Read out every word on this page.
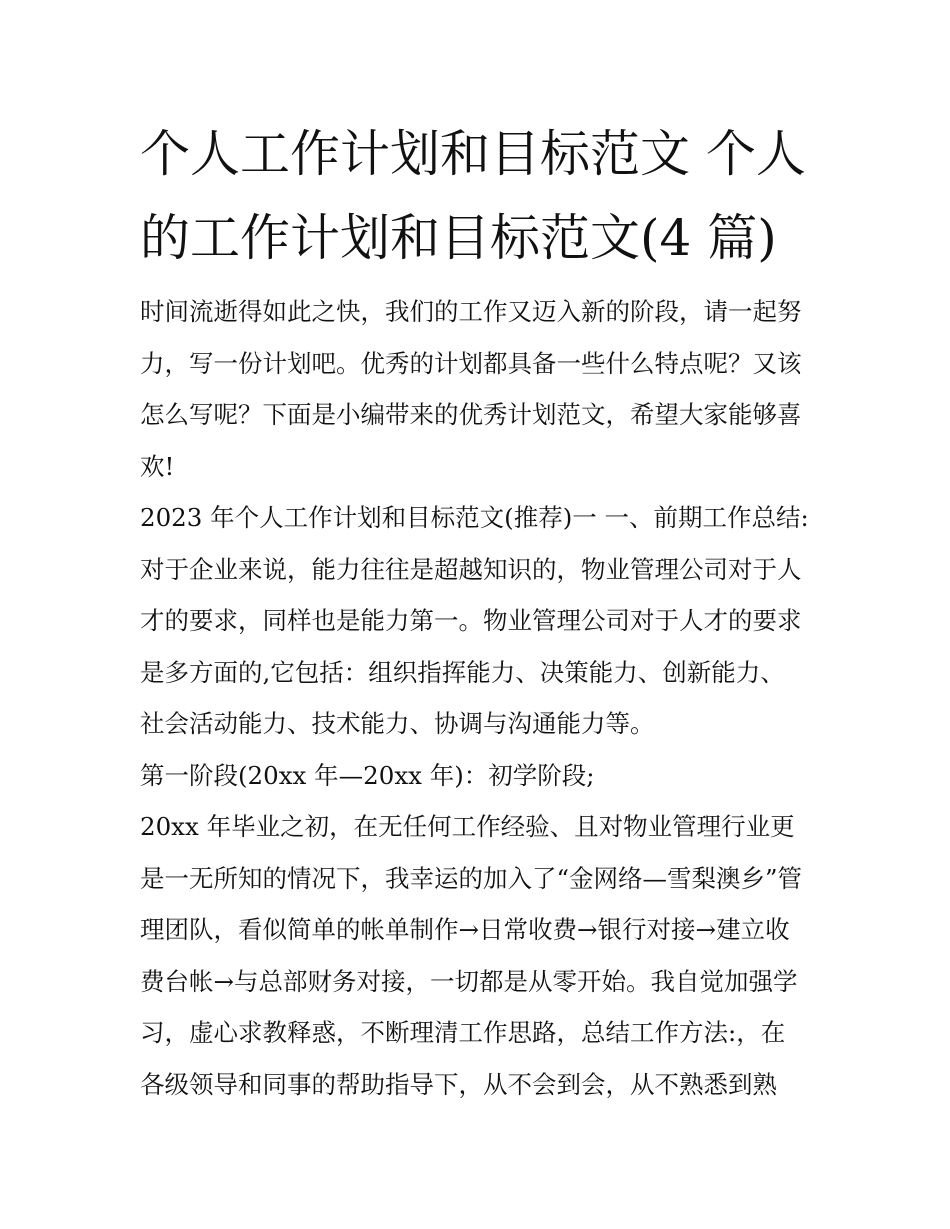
个人工作计划和目标范文 个人
的工作计划和目标范文(4 篇)
时间流逝得如此之快，我们的工作又迈入新的阶段，请一起努
力，写一份计划吧。优秀的计划都具备一些什么特点呢？又该
怎么写呢？下面是小编带来的优秀计划范文，希望大家能够喜
欢!
2023 年个人工作计划和目标范文(推荐)一 一、前期工作总结:
对于企业来说，能力往往是超越知识的，物业管理公司对于人
才的要求，同样也是能力第一。物业管理公司对于人才的要求
是多方面的,它包括：组织指挥能力、决策能力、创新能力、
社会活动能力、技术能力、协调与沟通能力等。
第一阶段(20xx 年—20xx 年)：初学阶段;
20xx 年毕业之初，在无任何工作经验、且对物业管理行业更
是一无所知的情况下，我幸运的加入了“金网络—雪梨澳乡”管
理团队，看似简单的帐单制作→日常收费→银行对接→建立收
费台帐→与总部财务对接，一切都是从零开始。我自觉加强学
习，虚心求教释惑，不断理清工作思路，总结工作方法:，在
各级领导和同事的帮助指导下，从不会到会，从不熟悉到熟
